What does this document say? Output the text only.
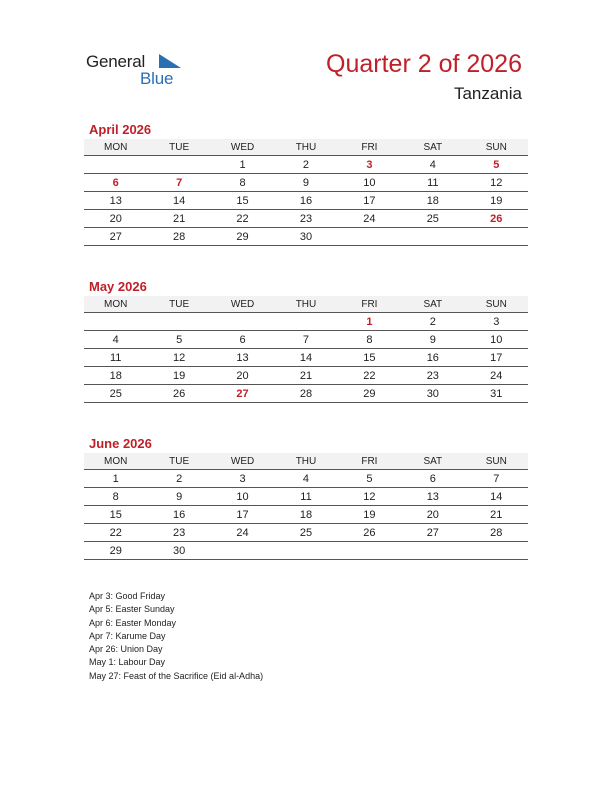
General
Blue
Quarter 2 of 2026
Tanzania
April 2026
MON	TUE	WED	THU	FRI	SAT	SUN
		1	2	3	4	5
6	7	8	9	10	11	12
13	14	15	16	17	18	19
20	21	22	23	24	25	26
27	28	29	30			
May 2026
MON	TUE	WED	THU	FRI	SAT	SUN
				1	2	3
4	5	6	7	8	9	10
11	12	13	14	15	16	17
18	19	20	21	22	23	24
25	26	27	28	29	30	31
June 2026
MON	TUE	WED	THU	FRI	SAT	SUN
1	2	3	4	5	6	7
8	9	10	11	12	13	14
15	16	17	18	19	20	21
22	23	24	25	26	27	28
29	30					
Apr 3: Good Friday
Apr 5: Easter Sunday
Apr 6: Easter Monday
Apr 7: Karume Day
Apr 26: Union Day
May 1: Labour Day
May 27: Feast of the Sacrifice (Eid al-Adha)
